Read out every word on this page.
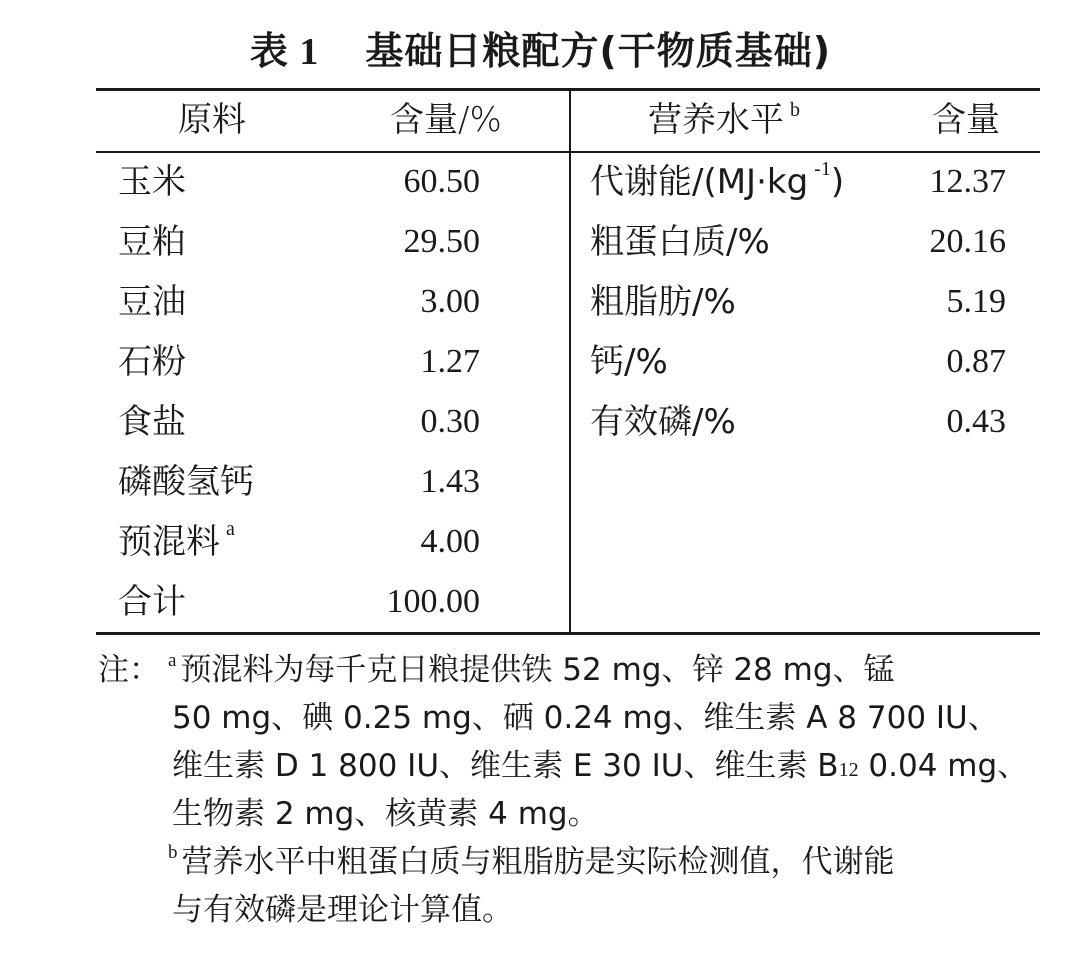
表 1 基础日粮配方(干物质基础)
原料	含量/%	营养水平 $^b$	含量
玉米	60.50	代谢能/(MJ·kg $^{-1}$)	12.37
豆粕	29.50	粗蛋白质/%	20.16
豆油	3.00	粗脂肪/%	5.19
石粉	1.27	钙/%	0.87
食盐	0.30	有效磷/%	0.43
磷酸氢钙	1.43
预混料 $^a$	4.00
合计	100.00
注： $^a$ 预混料为每千克日粮提供铁 52 mg、锌 28 mg、锰
50 mg、碘 0.25 mg、硒 0.24 mg、维生素 A 8 700 IU、
维生素 D 1 800 IU、维生素 E 30 IU、维生素 B12 0.04 mg、
生物素 2 mg、核黄素 4 mg。
$^b$ 营养水平中粗蛋白质与粗脂肪是实际检测值，代谢能
与有效磷是理论计算值。
